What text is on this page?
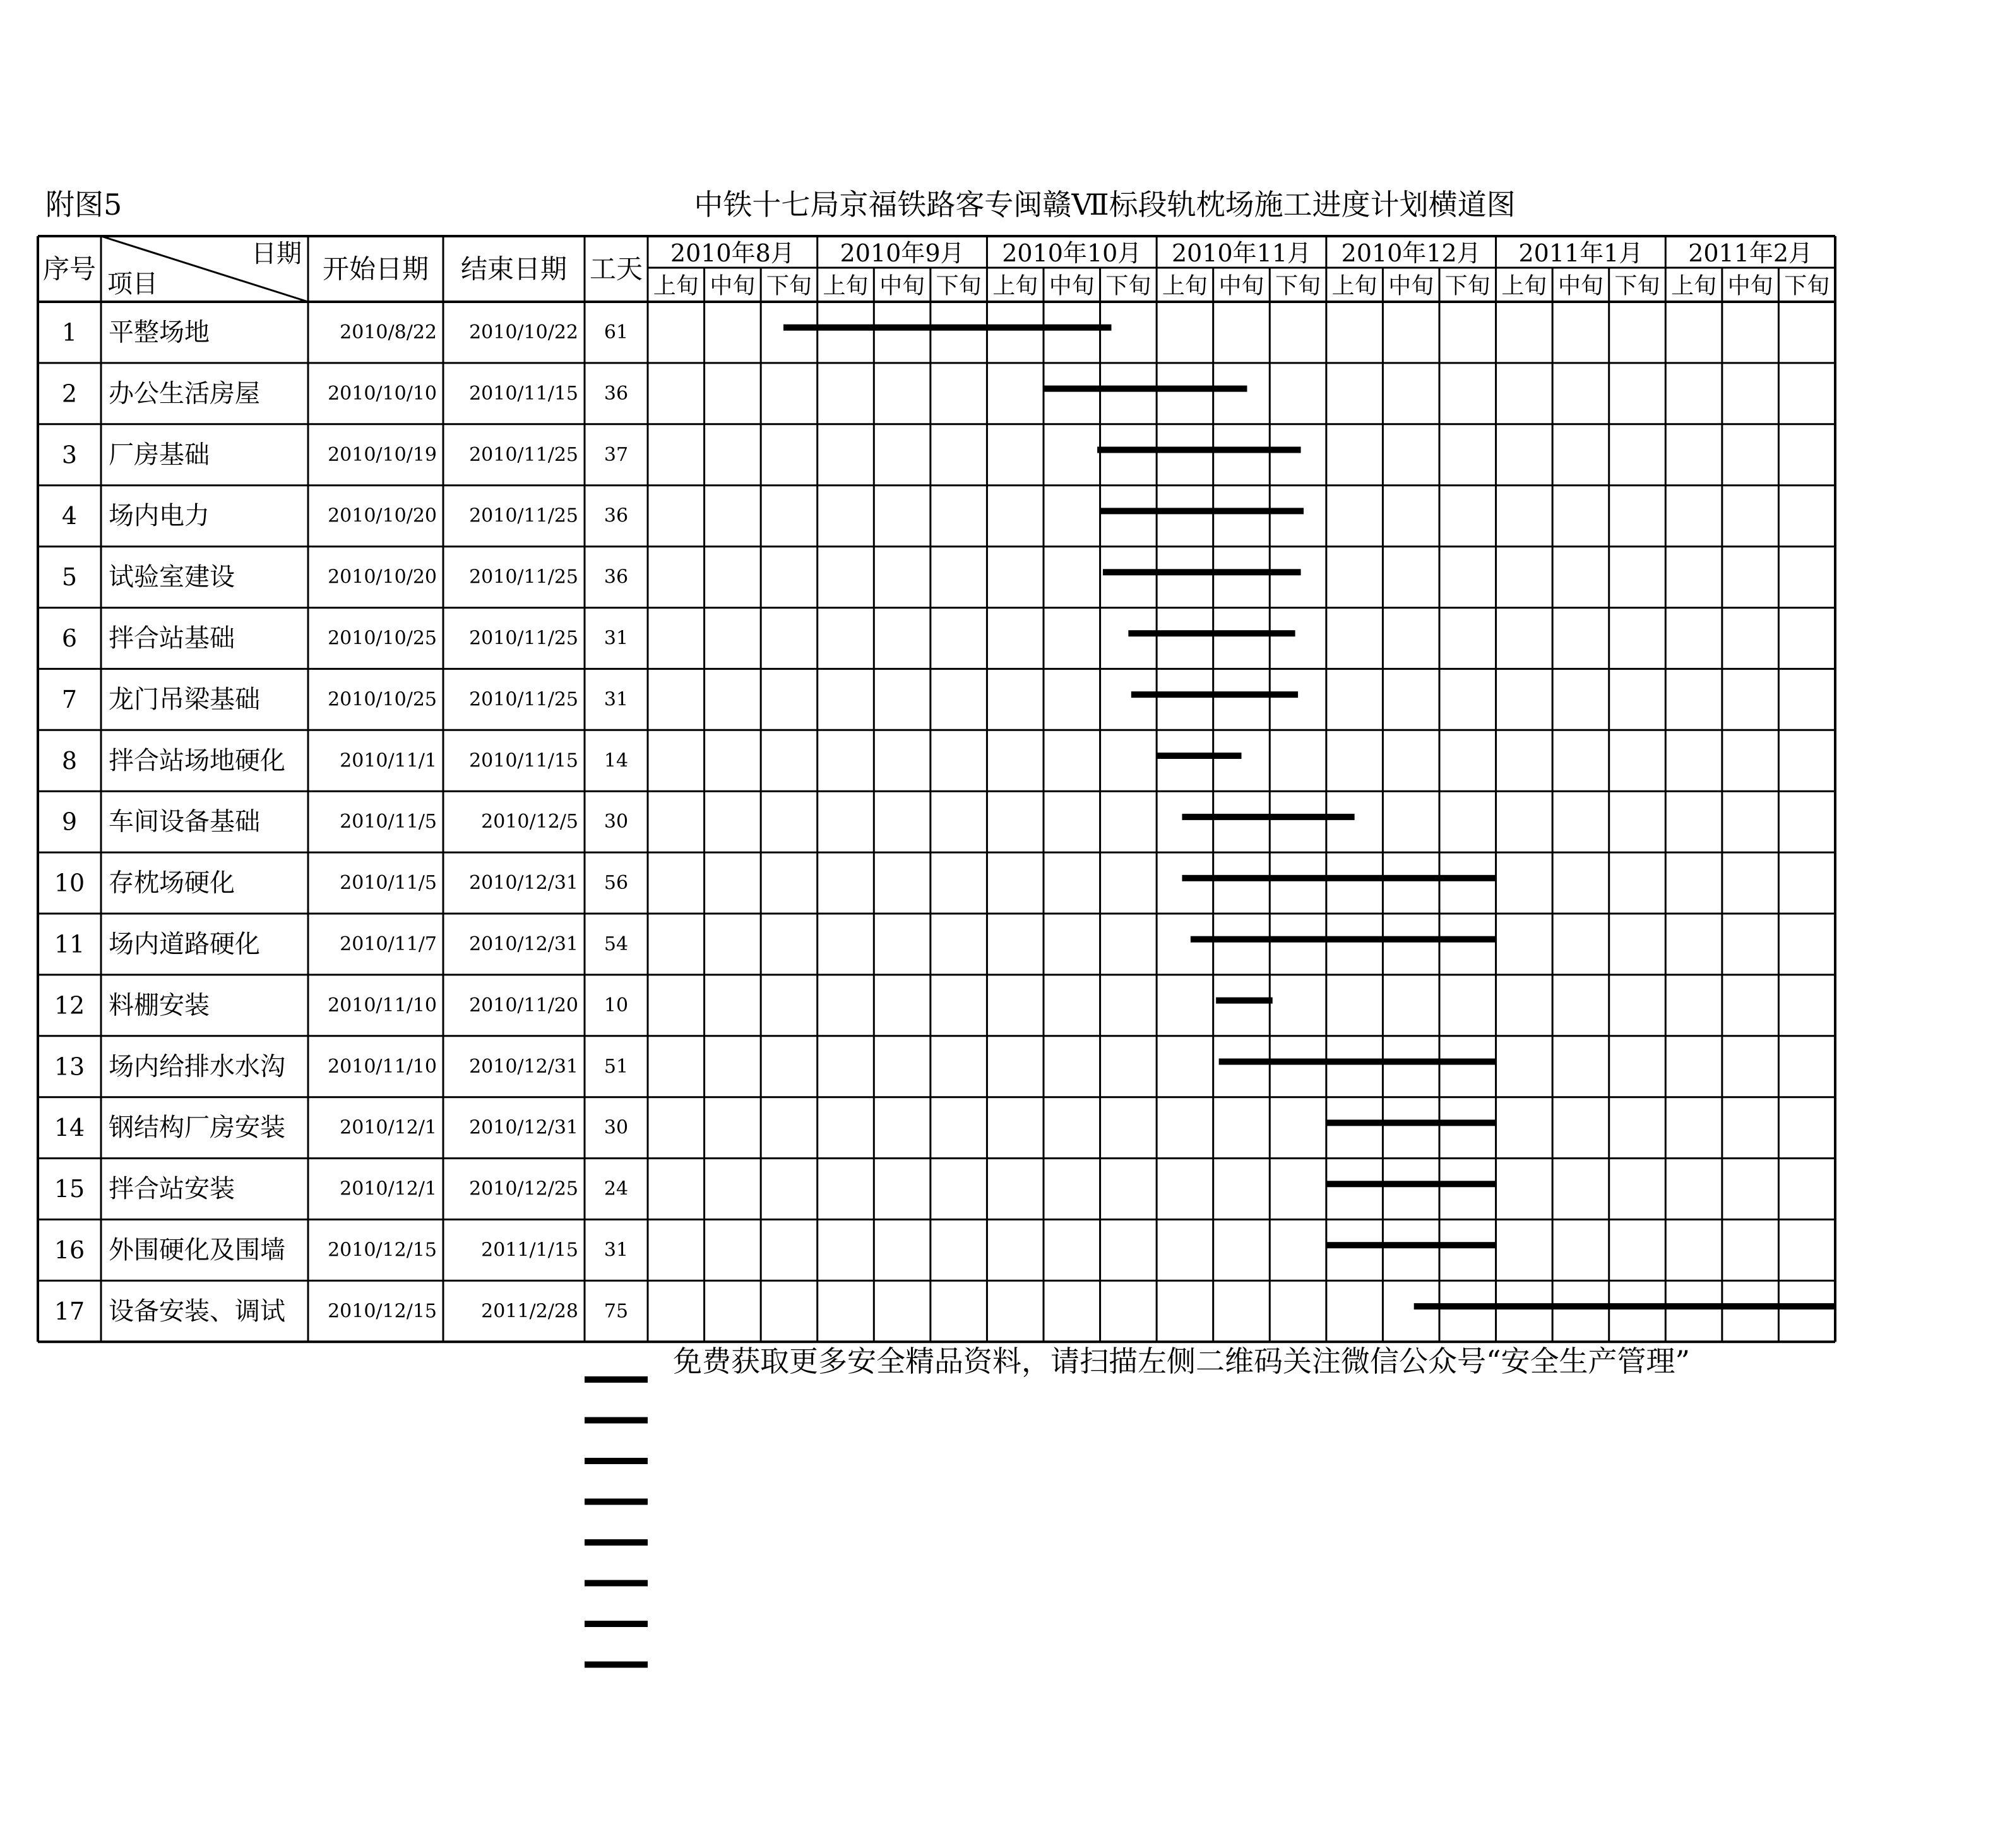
附图5	中铁十七局京福铁路客专闽赣Ⅶ标段轨枕场施工进度计划横道图
序号	日期
项目	开始日期 结束日期 工天
2010年8月 2010年9月 2010年10月 2010年11月 2010年12月 2011年1月 2011年2月
上旬 中旬 下旬 上旬 中旬 下旬 上旬 中旬 下旬 上旬 中旬 下旬 上旬 中旬 下旬 上旬 中旬 下旬 上旬 中旬 下旬
1 平整场地	2010/8/22 2010/10/22 61
2 办公生活房屋	2010/10/10 2010/11/15 36
3 厂房基础	2010/10/19 2010/11/25 37
4 场内电力	2010/10/20 2010/11/25 36
5 试验室建设	2010/10/20 2010/11/25 36
6 拌合站基础	2010/10/25 2010/11/25 31
7 龙门吊梁基础	2010/10/25 2010/11/25 31
8 拌合站场地硬化	2010/11/1 2010/11/15 14
9 车间设备基础	2010/11/5 2010/12/5 30
10 存枕场硬化	2010/11/5 2010/12/31 56
11 场内道路硬化	2010/11/7 2010/12/31 54
12 料棚安装	2010/11/10 2010/11/20 10
13 场内给排水水沟 2010/11/10 2010/12/31 51
14 钢结构厂房安装	2010/12/1 2010/12/31 30
15 拌合站安装	2010/12/1 2010/12/25 24
16 外围硬化及围墙 2010/12/15 2011/1/15 31
17 设备安装、调试 2010/12/15 2011/2/28 75
免费获取更多安全精品资料，请扫描左侧二维码关注微信公众号“安全生产管理”
